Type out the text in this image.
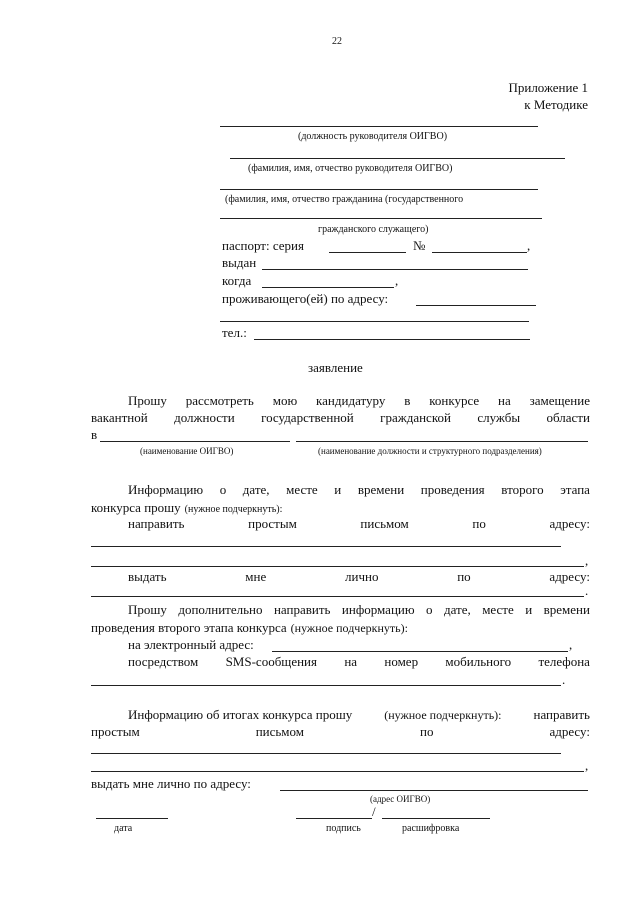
22
Приложение 1
к Методике
(должность руководителя ОИГВО)
(фамилия, имя, отчество руководителя ОИГВО)
(фамилия, имя, отчество гражданина (государственного
гражданского служащего)
паспорт: серия	№	,
выдан
когда	,
проживающего(ей) по адресу:
тел.:
заявление
Прошу рассмотреть мою кандидатуру в конкурсе на замещение
вакантной должности государственной гражданской службы области
в
(наименование ОИГВО)	(наименование должности и структурного подразделения)
Информацию о дате, месте и времени проведения второго этапа
конкурса прошу (нужное подчеркнуть):
направить	простым	письмом	по	адресу:
,
выдать	мне	лично	по	адресу:
.
Прошу дополнительно направить информацию о дате, месте и времени
проведения второго этапа конкурса (нужное подчеркнуть):
на электронный адрес:	,
посредством SMS-сообщения на номер мобильного телефона
.
Информацию об итогах конкурса прошу	(нужное подчеркнуть): направить
простым	письмом	по	адресу:
,
выдать мне лично по адресу:
(адрес ОИГВО)
/
дата	подпись	расшифровка
